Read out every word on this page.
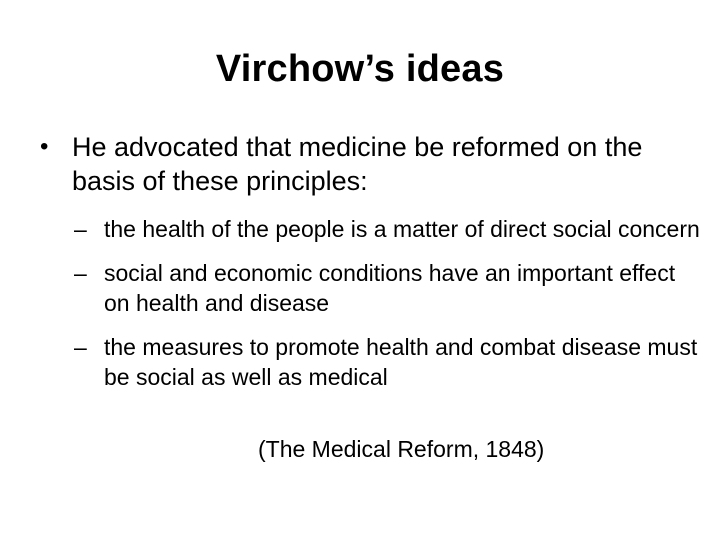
Virchow’s ideas
• He advocated that medicine be reformed on the basis of these principles:
– the health of the people is a matter of direct social concern
– social and economic conditions have an important effect on health and disease
– the measures to promote health and combat disease must be social as well as medical
(The Medical Reform, 1848)
